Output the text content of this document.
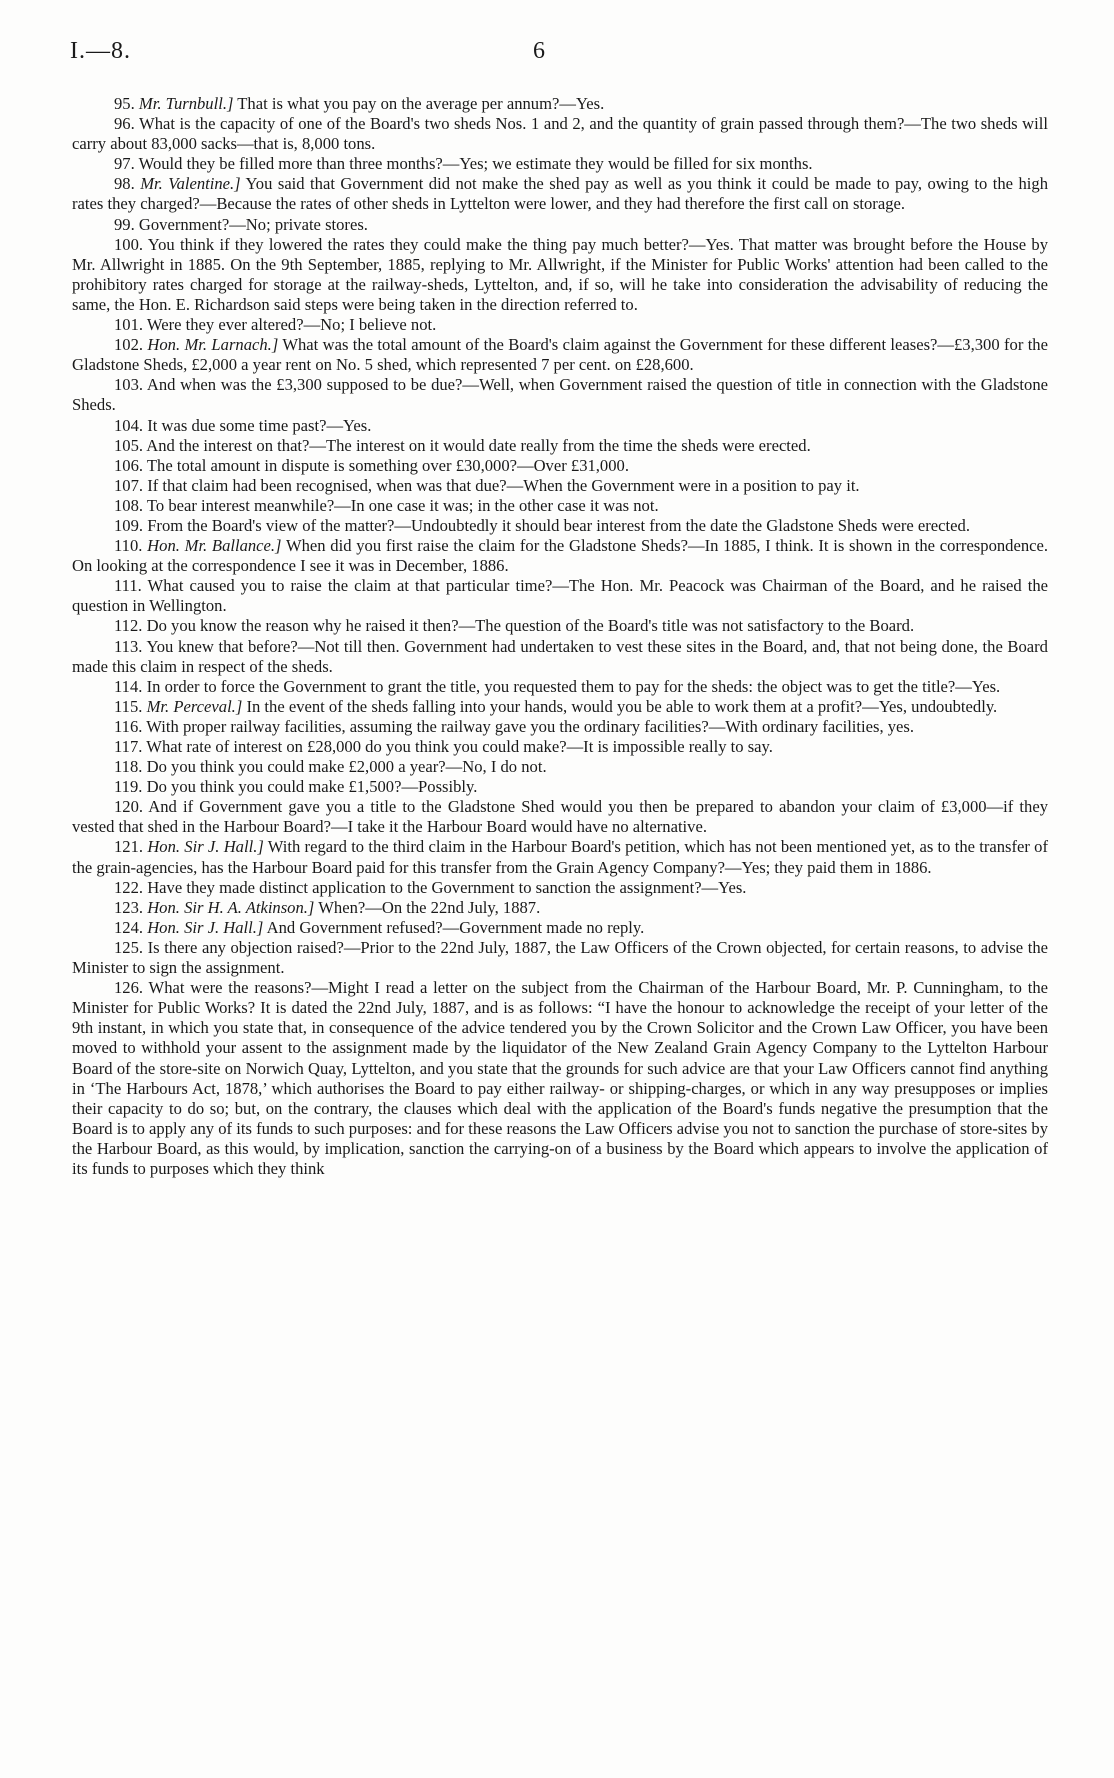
I.—8.	6

95. Mr. Turnbull.] That is what you pay on the average per annum?—Yes.

96. What is the capacity of one of the Board's two sheds Nos. 1 and 2, and the quantity of grain passed through them?—The two sheds will carry about 83,000 sacks—that is, 8,000 tons.

97. Would they be filled more than three months?—Yes; we estimate they would be filled for six months.

98. Mr. Valentine.] You said that Government did not make the shed pay as well as you think it could be made to pay, owing to the high rates they charged?—Because the rates of other sheds in Lyttelton were lower, and they had therefore the first call on storage.

99. Government?—No; private stores.

100. You think if they lowered the rates they could make the thing pay much better?—Yes. That matter was brought before the House by Mr. Allwright in 1885. On the 9th September, 1885, replying to Mr. Allwright, if the Minister for Public Works' attention had been called to the prohibitory rates charged for storage at the railway-sheds, Lyttelton, and, if so, will he take into consideration the advisability of reducing the same, the Hon. E. Richardson said steps were being taken in the direction referred to.

101. Were they ever altered?—No; I believe not.

102. Hon. Mr. Larnach.] What was the total amount of the Board's claim against the Government for these different leases?—£3,300 for the Gladstone Sheds, £2,000 a year rent on No. 5 shed, which represented 7 per cent. on £28,600.

103. And when was the £3,300 supposed to be due?—Well, when Government raised the question of title in connection with the Gladstone Sheds.

104. It was due some time past?—Yes.

105. And the interest on that?—The interest on it would date really from the time the sheds were erected.

106. The total amount in dispute is something over £30,000?—Over £31,000.

107. If that claim had been recognised, when was that due?—When the Government were in a position to pay it.

108. To bear interest meanwhile?—In one case it was; in the other case it was not.

109. From the Board's view of the matter?—Undoubtedly it should bear interest from the date the Gladstone Sheds were erected.

110. Hon. Mr. Ballance.] When did you first raise the claim for the Gladstone Sheds?—In 1885, I think. It is shown in the correspondence. On looking at the correspondence I see it was in December, 1886.

111. What caused you to raise the claim at that particular time?—The Hon. Mr. Peacock was Chairman of the Board, and he raised the question in Wellington.

112. Do you know the reason why he raised it then?—The question of the Board's title was not satisfactory to the Board.

113. You knew that before?—Not till then. Government had undertaken to vest these sites in the Board, and, that not being done, the Board made this claim in respect of the sheds.

114. In order to force the Government to grant the title, you requested them to pay for the sheds: the object was to get the title?—Yes.

115. Mr. Perceval.] In the event of the sheds falling into your hands, would you be able to work them at a profit?—Yes, undoubtedly.

116. With proper railway facilities, assuming the railway gave you the ordinary facilities?—With ordinary facilities, yes.

117. What rate of interest on £28,000 do you think you could make?—It is impossible really to say.

118. Do you think you could make £2,000 a year?—No, I do not.

119. Do you think you could make £1,500?—Possibly.

120. And if Government gave you a title to the Gladstone Shed would you then be prepared to abandon your claim of £3,000—if they vested that shed in the Harbour Board?—I take it the Harbour Board would have no alternative.

121. Hon. Sir J. Hall.] With regard to the third claim in the Harbour Board's petition, which has not been mentioned yet, as to the transfer of the grain-agencies, has the Harbour Board paid for this transfer from the Grain Agency Company?—Yes; they paid them in 1886.

122. Have they made distinct application to the Government to sanction the assignment?—Yes.

123. Hon. Sir H. A. Atkinson.] When?—On the 22nd July, 1887.

124. Hon. Sir J. Hall.] And Government refused?—Government made no reply.

125. Is there any objection raised?—Prior to the 22nd July, 1887, the Law Officers of the Crown objected, for certain reasons, to advise the Minister to sign the assignment.

126. What were the reasons?—Might I read a letter on the subject from the Chairman of the Harbour Board, Mr. P. Cunningham, to the Minister for Public Works? It is dated the 22nd July, 1887, and is as follows: “I have the honour to acknowledge the receipt of your letter of the 9th instant, in which you state that, in consequence of the advice tendered you by the Crown Solicitor and the Crown Law Officer, you have been moved to withhold your assent to the assignment made by the liquidator of the New Zealand Grain Agency Company to the Lyttelton Harbour Board of the store-site on Norwich Quay, Lyttelton, and you state that the grounds for such advice are that your Law Officers cannot find anything in ‘The Harbours Act, 1878,’ which authorises the Board to pay either railway- or shipping-charges, or which in any way presupposes or implies their capacity to do so; but, on the contrary, the clauses which deal with the application of the Board's funds negative the presumption that the Board is to apply any of its funds to such purposes: and for these reasons the Law Officers advise you not to sanction the purchase of store-sites by the Harbour Board, as this would, by implication, sanction the carrying-on of a business by the Board which appears to involve the application of its funds to purposes which they think
